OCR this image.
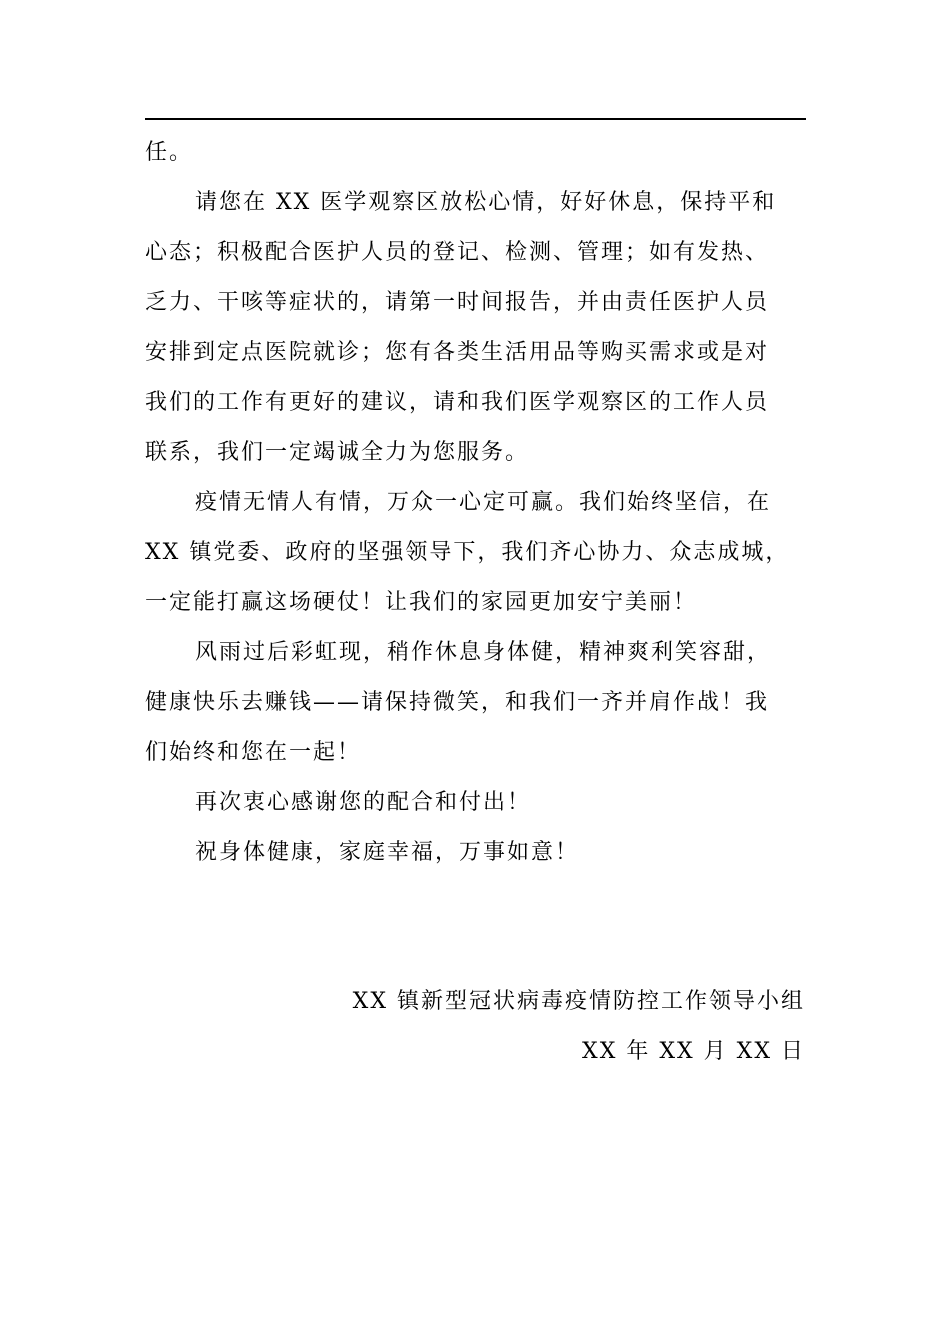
任。
请您在 XX 医学观察区放松心情，好好休息，保持平和
心态；积极配合医护人员的登记、检测、管理；如有发热、
乏力、干咳等症状的，请第一时间报告，并由责任医护人员
安排到定点医院就诊；您有各类生活用品等购买需求或是对
我们的工作有更好的建议，请和我们医学观察区的工作人员
联系，我们一定竭诚全力为您服务。
疫情无情人有情，万众一心定可赢。我们始终坚信，在
XX 镇党委、政府的坚强领导下，我们齐心协力、众志成城，
一定能打赢这场硬仗！让我们的家园更加安宁美丽！
风雨过后彩虹现，稍作休息身体健，精神爽利笑容甜，
健康快乐去赚钱——请保持微笑，和我们一齐并肩作战！我
们始终和您在一起！
再次衷心感谢您的配合和付出！
祝身体健康，家庭幸福，万事如意！
XX 镇新型冠状病毒疫情防控工作领导小组
XX 年 XX 月 XX 日
